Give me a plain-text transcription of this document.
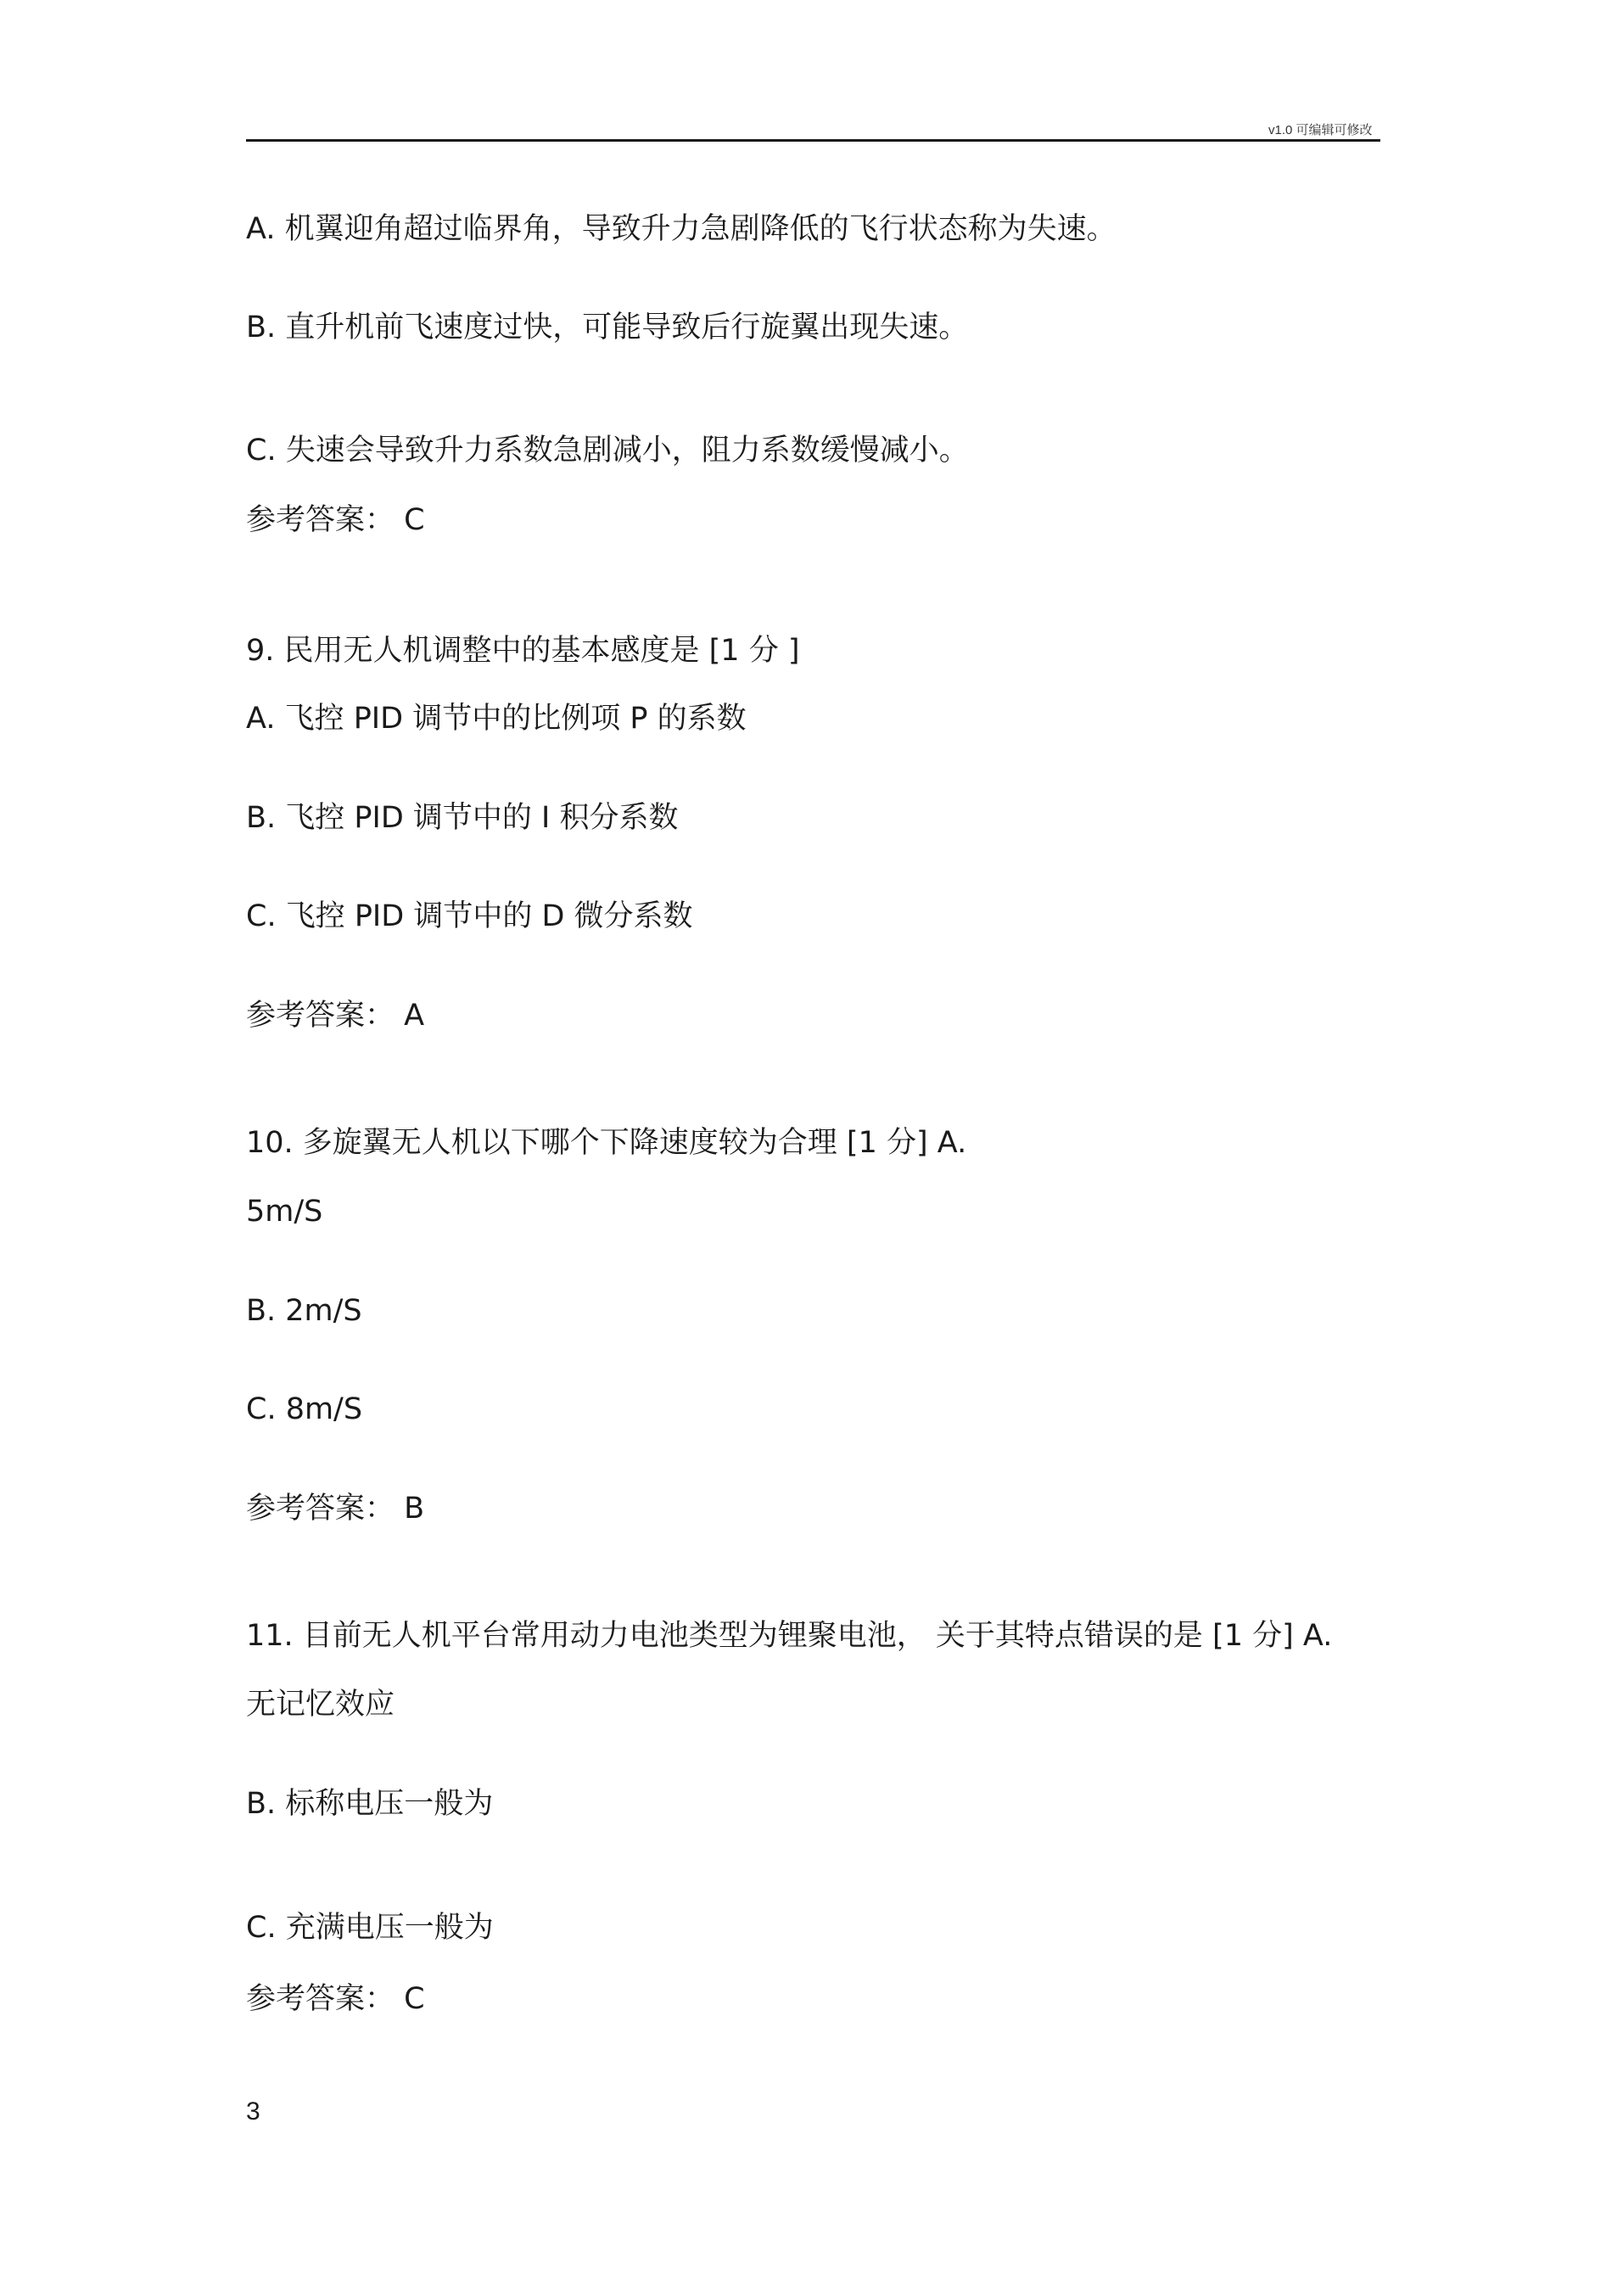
v1.0 可编辑可修改
A. 机翼迎角超过临界角，导致升力急剧降低的飞行状态称为失速。
B. 直升机前飞速度过快，可能导致后行旋翼出现失速。
C. 失速会导致升力系数急剧减小，阻力系数缓慢减小。
参考答案： C
9. 民用无人机调整中的基本感度是 [1 分 ]
A. 飞控 PID 调节中的比例项 P 的系数
B. 飞控 PID 调节中的 I 积分系数
C. 飞控 PID 调节中的 D 微分系数
参考答案： A
10. 多旋翼无人机以下哪个下降速度较为合理 [1 分] A.
5m/S
B. 2m/S
C. 8m/S
参考答案： B
11. 目前无人机平台常用动力电池类型为锂聚电池， 关于其特点错误的是 [1 分] A.
无记忆效应
B. 标称电压一般为
C. 充满电压一般为
参考答案： C
3
